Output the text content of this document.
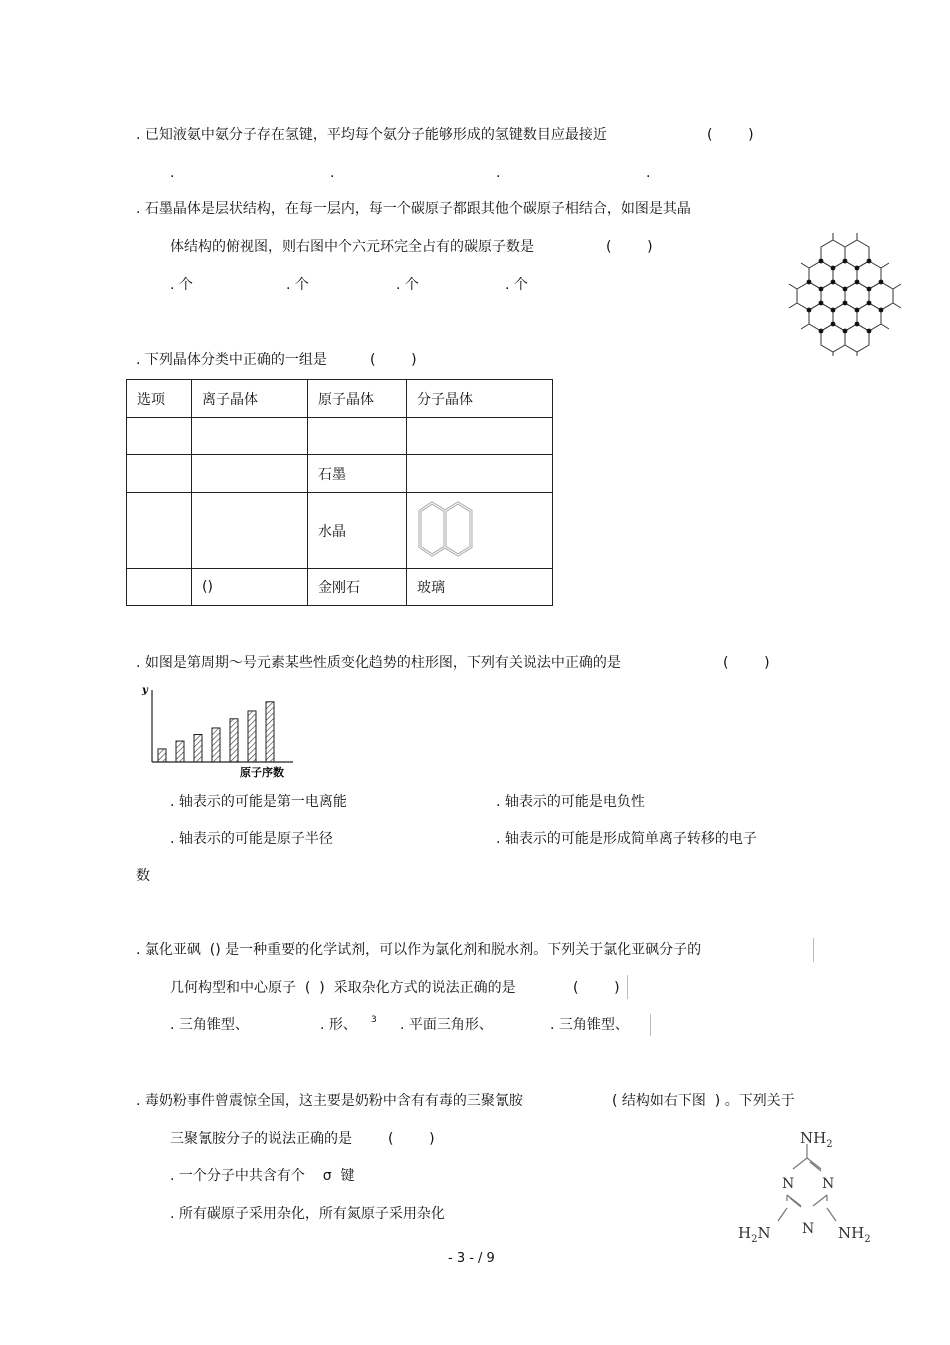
. 已知液氨中氨分子存在氢键，平均每个氨分子能够形成的氢键数目应最接近	(        )
.	.	.	.
. 石墨晶体是层状结构，在每一层内，每一个碳原子都跟其他个碳原子相结合，如图是其晶
体结构的俯视图，则右图中个六元环完全占有的碳原子数是	(        )
. 个	. 个	. 个	. 个
. 下列晶体分类中正确的一组是	(        )
选项	离子晶体	原子晶体	分子晶体

		石墨	
		水晶	
	()	金刚石	玻璃
. 如图是第周期～号元素某些性质变化趋势的柱形图，下列有关说法中正确的是	(        )
y
原子序数
. 轴表示的可能是第一电离能	. 轴表示的可能是电负性
. 轴表示的可能是原子半径	. 轴表示的可能是形成简单离子转移的电子
数
. 氯化亚砜  () 是一种重要的化学试剂，可以作为氯化剂和脱水剂。下列关于氯化亚砜分子的
几何构型和中心原子  (  )  采取杂化方式的说法正确的是	(        )
. 三角锥型、	. 形、 3 . 平面三角形、	. 三角锥型、
. 毒奶粉事件曾震惊全国，这主要是奶粉中含有有毒的三聚氰胺	( 结构如右下图  ) 。下列关于
三聚氰胺分子的说法正确的是	(        )
. 一个分子中共含有个    σ  键
. 所有碳原子采用杂化，所有氮原子采用杂化
$NH_2$
N N
N
$H_2N$	$NH_2$
- 3 - / 9
